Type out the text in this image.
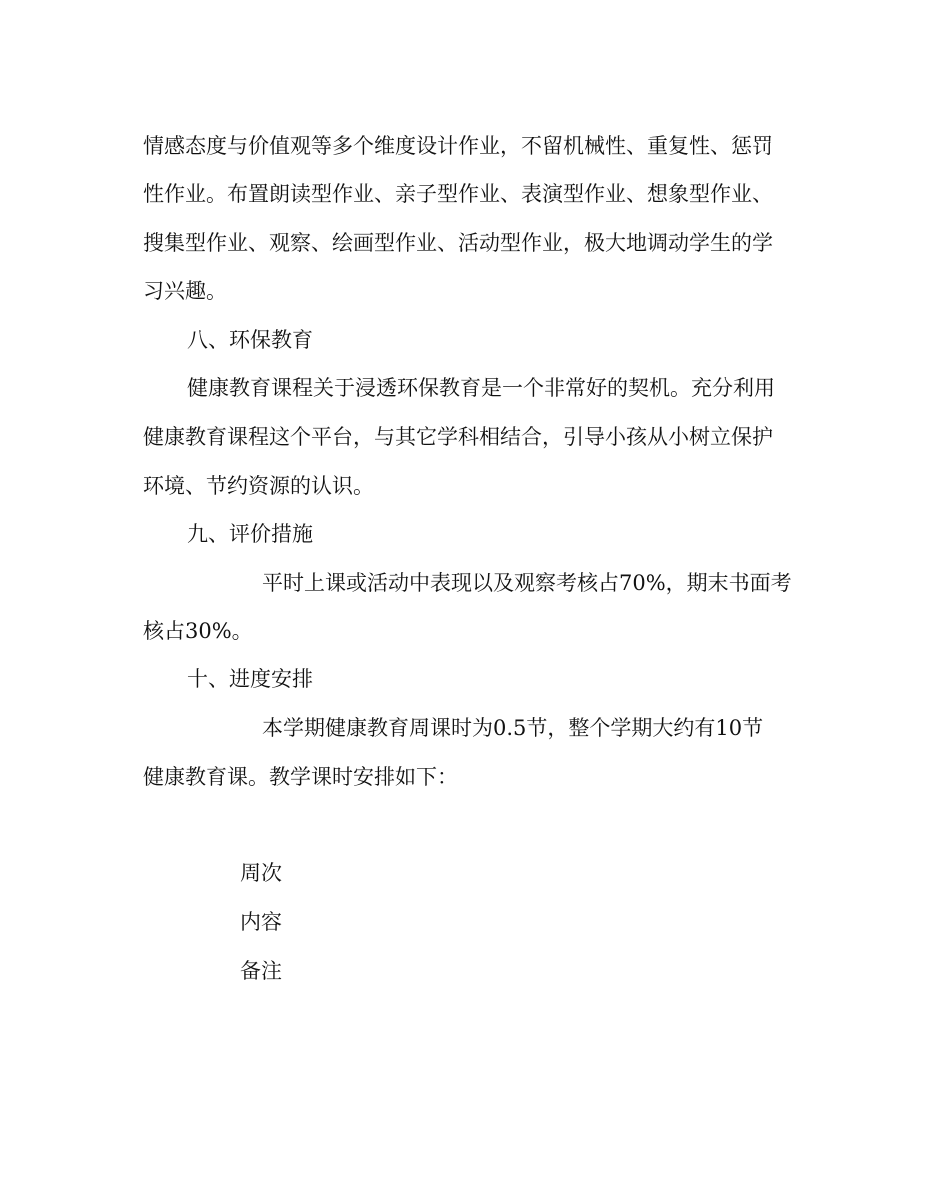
情感态度与价值观等多个维度设计作业，不留机械性、重复性、惩罚
性作业。布置朗读型作业、亲子型作业、表演型作业、想象型作业、
搜集型作业、观察、绘画型作业、活动型作业，极大地调动学生的学
习兴趣。
八、环保教育
健康教育课程关于浸透环保教育是一个非常好的契机。充分利用
健康教育课程这个平台，与其它学科相结合，引导小孩从小树立保护
环境、节约资源的认识。
九、评价措施
平时上课或活动中表现以及观察考核占70%，期末书面考
核占30%。
十、进度安排
本学期健康教育周课时为0.5节，整个学期大约有10节
健康教育课。教学课时安排如下：
周次
内容
备注
